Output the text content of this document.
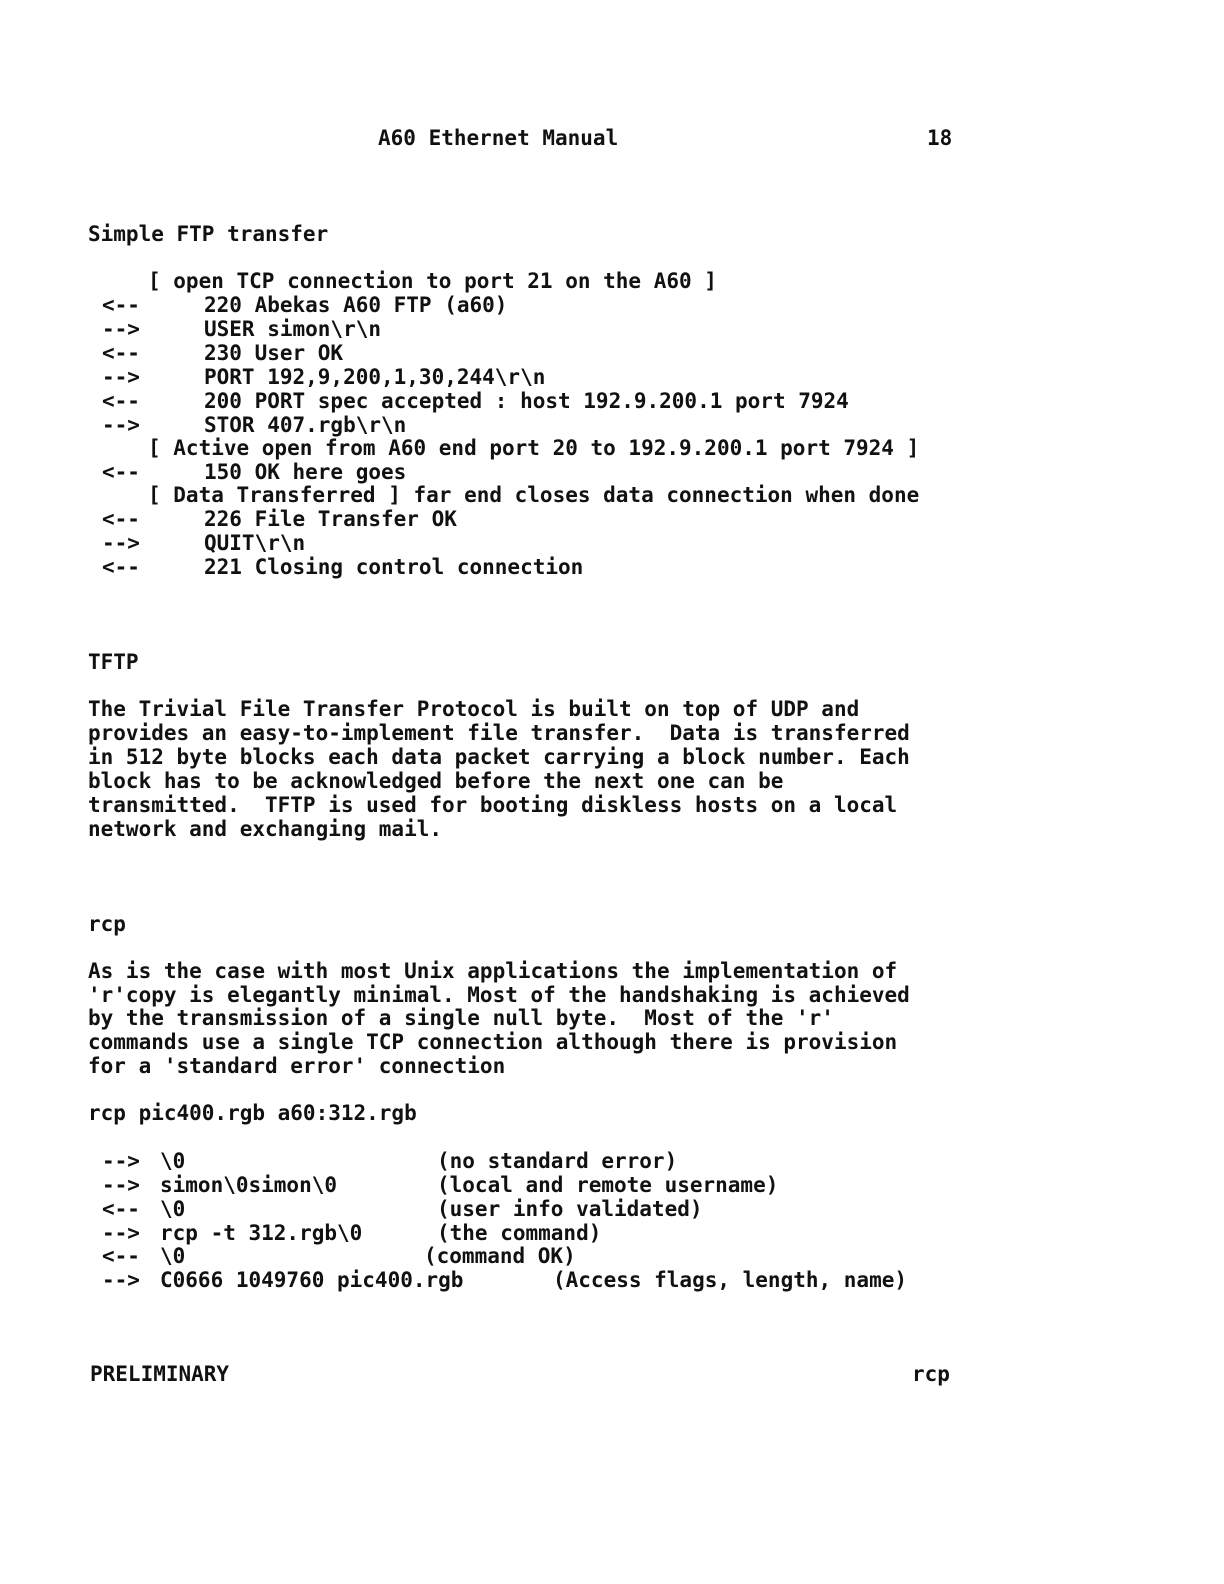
A60 Ethernet Manual	18
Simple FTP transfer
[ open TCP connection to port 21 on the A60 ]
<--	220 Abekas A60 FTP (a60)
-->	USER simon\r\n
<--	230 User OK
-->	PORT 192,9,200,1,30,244\r\n
<--	200 PORT spec accepted : host 192.9.200.1 port 7924
-->	STOR 407.rgb\r\n
[ Active open from A60 end port 20 to 192.9.200.1 port 7924 ]
<--	150 OK here goes
[ Data Transferred ] far end closes data connection when done
<--	226 File Transfer OK
-->	QUIT\r\n
<--	221 Closing control connection
TFTP
The Trivial File Transfer Protocol is built on top of UDP and
provides an easy-to-implement file transfer.  Data is transferred
in 512 byte blocks each data packet carrying a block number. Each
block has to be acknowledged before the next one can be
transmitted.  TFTP is used for booting diskless hosts on a local
network and exchanging mail.
rcp
As is the case with most Unix applications the implementation of
'r'copy is elegantly minimal. Most of the handshaking is achieved
by the transmission of a single null byte.  Most of the 'r'
commands use a single TCP connection although there is provision
for a 'standard error' connection
rcp pic400.rgb a60:312.rgb
--> \0	(no standard error)
--> simon\0simon\0	(local and remote username)
<-- \0	(user info validated)
--> rcp -t 312.rgb\0	(the command)
<-- \0	(command OK)
--> C0666 1049760 pic400.rgb	(Access flags, length, name)
PRELIMINARY	rcp
